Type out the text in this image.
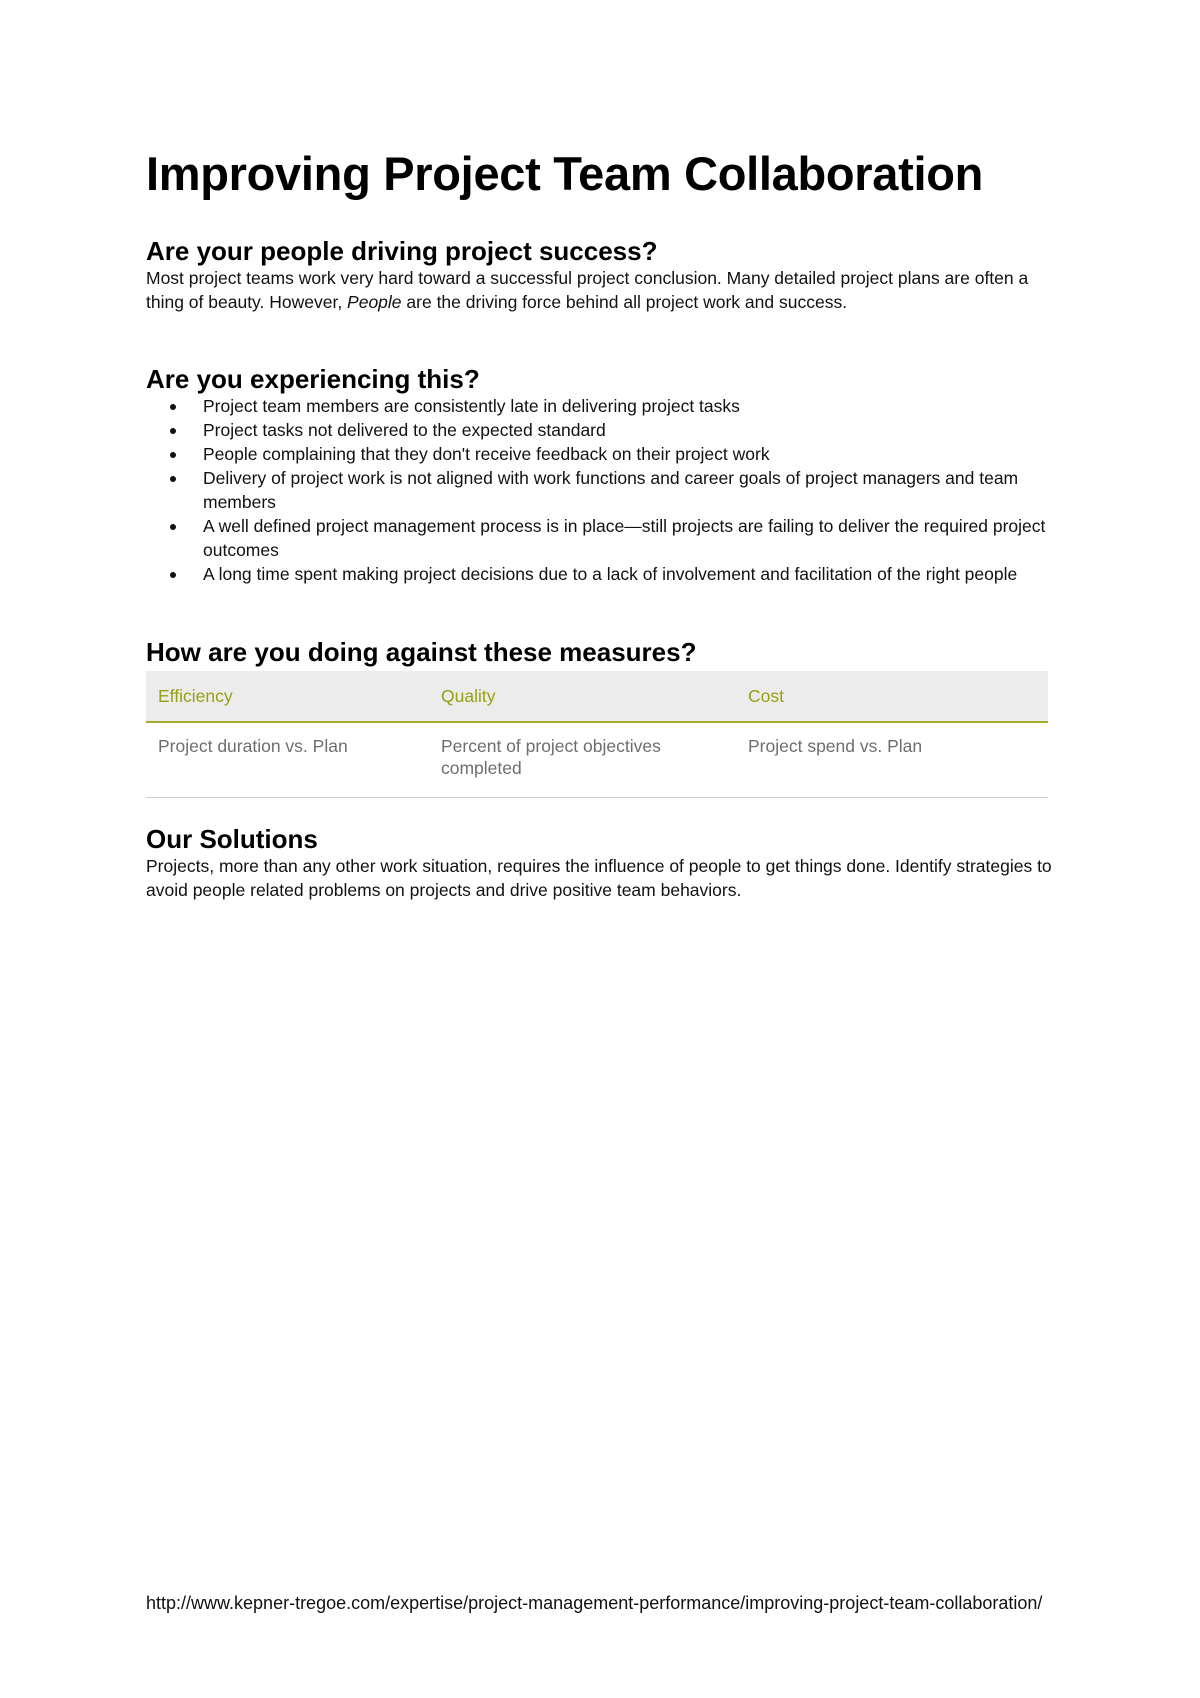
Improving Project Team Collaboration
Are your people driving project success?

Most project teams work very hard toward a successful project conclusion. Many detailed project plans are often a thing of beauty. However, People are the driving force behind all project work and success.

Are you experiencing this?
Project team members are consistently late in delivering project tasks
Project tasks not delivered to the expected standard
People complaining that they don't receive feedback on their project work
Delivery of project work is not aligned with work functions and career goals of project managers and team members
A well defined project management process is in place—still projects are failing to deliver the required project outcomes
A long time spent making project decisions due to a lack of involvement and facilitation of the right people
How are you doing against these measures?
Efficiency	Quality	Cost
Project duration vs. Plan	Percent of project objectives completed	Project spend vs. Plan
Our Solutions

Projects, more than any other work situation, requires the influence of people to get things done. Identify strategies to avoid people related problems on projects and drive positive team behaviors.

http://www.kepner-tregoe.com/expertise/project-management-performance/improving-project-team-collaboration/
